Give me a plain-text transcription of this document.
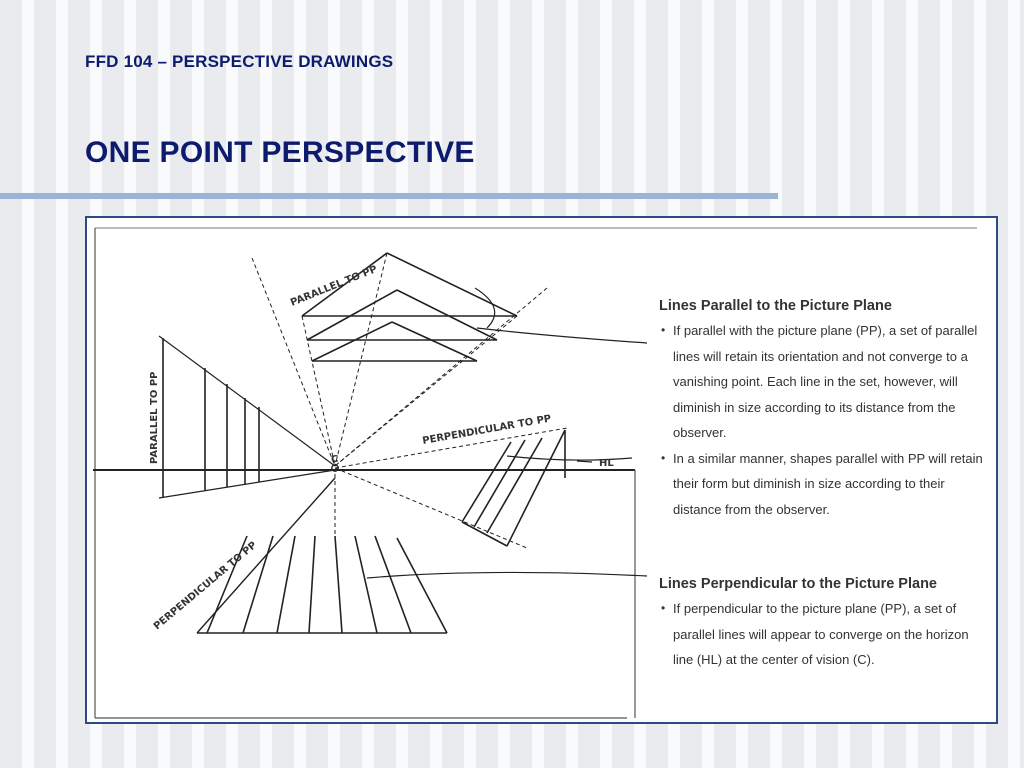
FFD 104 – PERSPECTIVE DRAWINGS
ONE POINT PERSPECTIVE
PARALLEL TO PP
PARALLEL TO PP	PERPENDICULAR TO PP
PERPENDICULAR TO PP
C	HL
Lines Parallel to the Picture Plane
• If parallel with the picture plane (PP), a set of parallel lines will retain its orientation and not converge to a vanishing point. Each line in the set, however, will diminish in size according to its distance from the observer.
• In a similar manner, shapes parallel with PP will retain their form but diminish in size according to their distance from the observer.
Lines Perpendicular to the Picture Plane
• If perpendicular to the picture plane (PP), a set of parallel lines will appear to converge on the horizon line (HL) at the center of vision (C).
